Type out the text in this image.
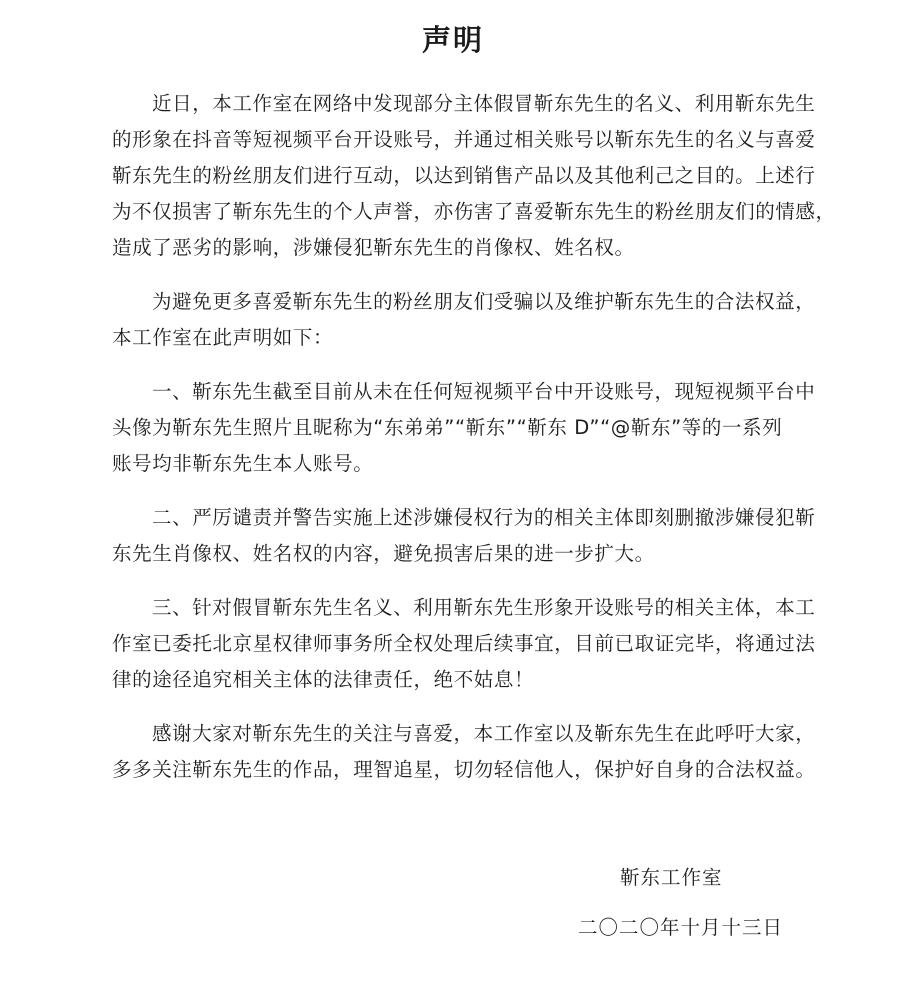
声明

近日，本工作室在网络中发现部分主体假冒靳东先生的名义、利用靳东先生
的形象在抖音等短视频平台开设账号，并通过相关账号以靳东先生的名义与喜爱
靳东先生的粉丝朋友们进行互动，以达到销售产品以及其他利己之目的。上述行
为不仅损害了靳东先生的个人声誉，亦伤害了喜爱靳东先生的粉丝朋友们的情感，
造成了恶劣的影响，涉嫌侵犯靳东先生的肖像权、姓名权。

为避免更多喜爱靳东先生的粉丝朋友们受骗以及维护靳东先生的合法权益，
本工作室在此声明如下：

一、靳东先生截至目前从未在任何短视频平台中开设账号，现短视频平台中
头像为靳东先生照片且昵称为“东弟弟”“靳东”“靳东 D”“@靳东”等的一系列
账号均非靳东先生本人账号。

二、严厉谴责并警告实施上述涉嫌侵权行为的相关主体即刻删撤涉嫌侵犯靳
东先生肖像权、姓名权的内容，避免损害后果的进一步扩大。

三、针对假冒靳东先生名义、利用靳东先生形象开设账号的相关主体，本工
作室已委托北京星权律师事务所全权处理后续事宜，目前已取证完毕，将通过法
律的途径追究相关主体的法律责任，绝不姑息！

感谢大家对靳东先生的关注与喜爱，本工作室以及靳东先生在此呼吁大家，
多多关注靳东先生的作品，理智追星，切勿轻信他人，保护好自身的合法权益。

靳东工作室
二〇二〇年十月十三日
